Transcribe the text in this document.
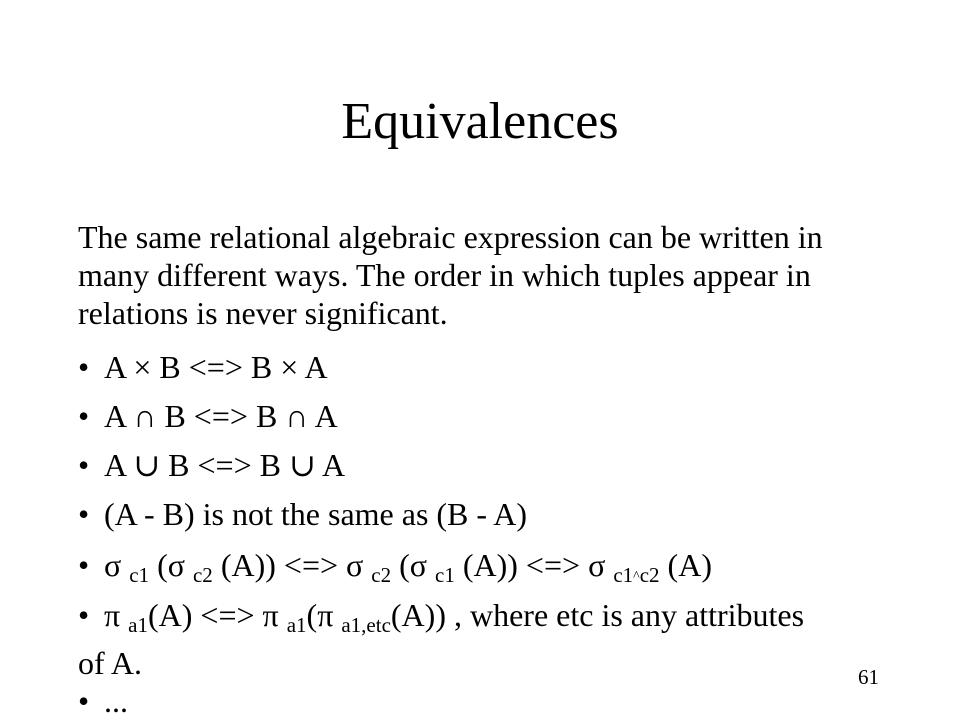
Equivalences
The same relational algebraic expression can be written in many different ways. The order in which tuples appear in relations is never significant.
• A × B <=> B × A
• A ∩ B <=> B ∩ A
• A ∪ B <=> B ∪ A
• (A - B) is not the same as (B - A)
• σ $_{c1}$ (σ $_{c2}$ (A)) <=> σ $_{c2}$ (σ $_{c1}$ (A)) <=> σ $_{c1}\^{}_{c2}$ (A)
• π $_{a1}$(A) <=> π $_{a1}$(π $_{a1,etc}$(A)) , where etc is any attributes of A.
• ...
61
